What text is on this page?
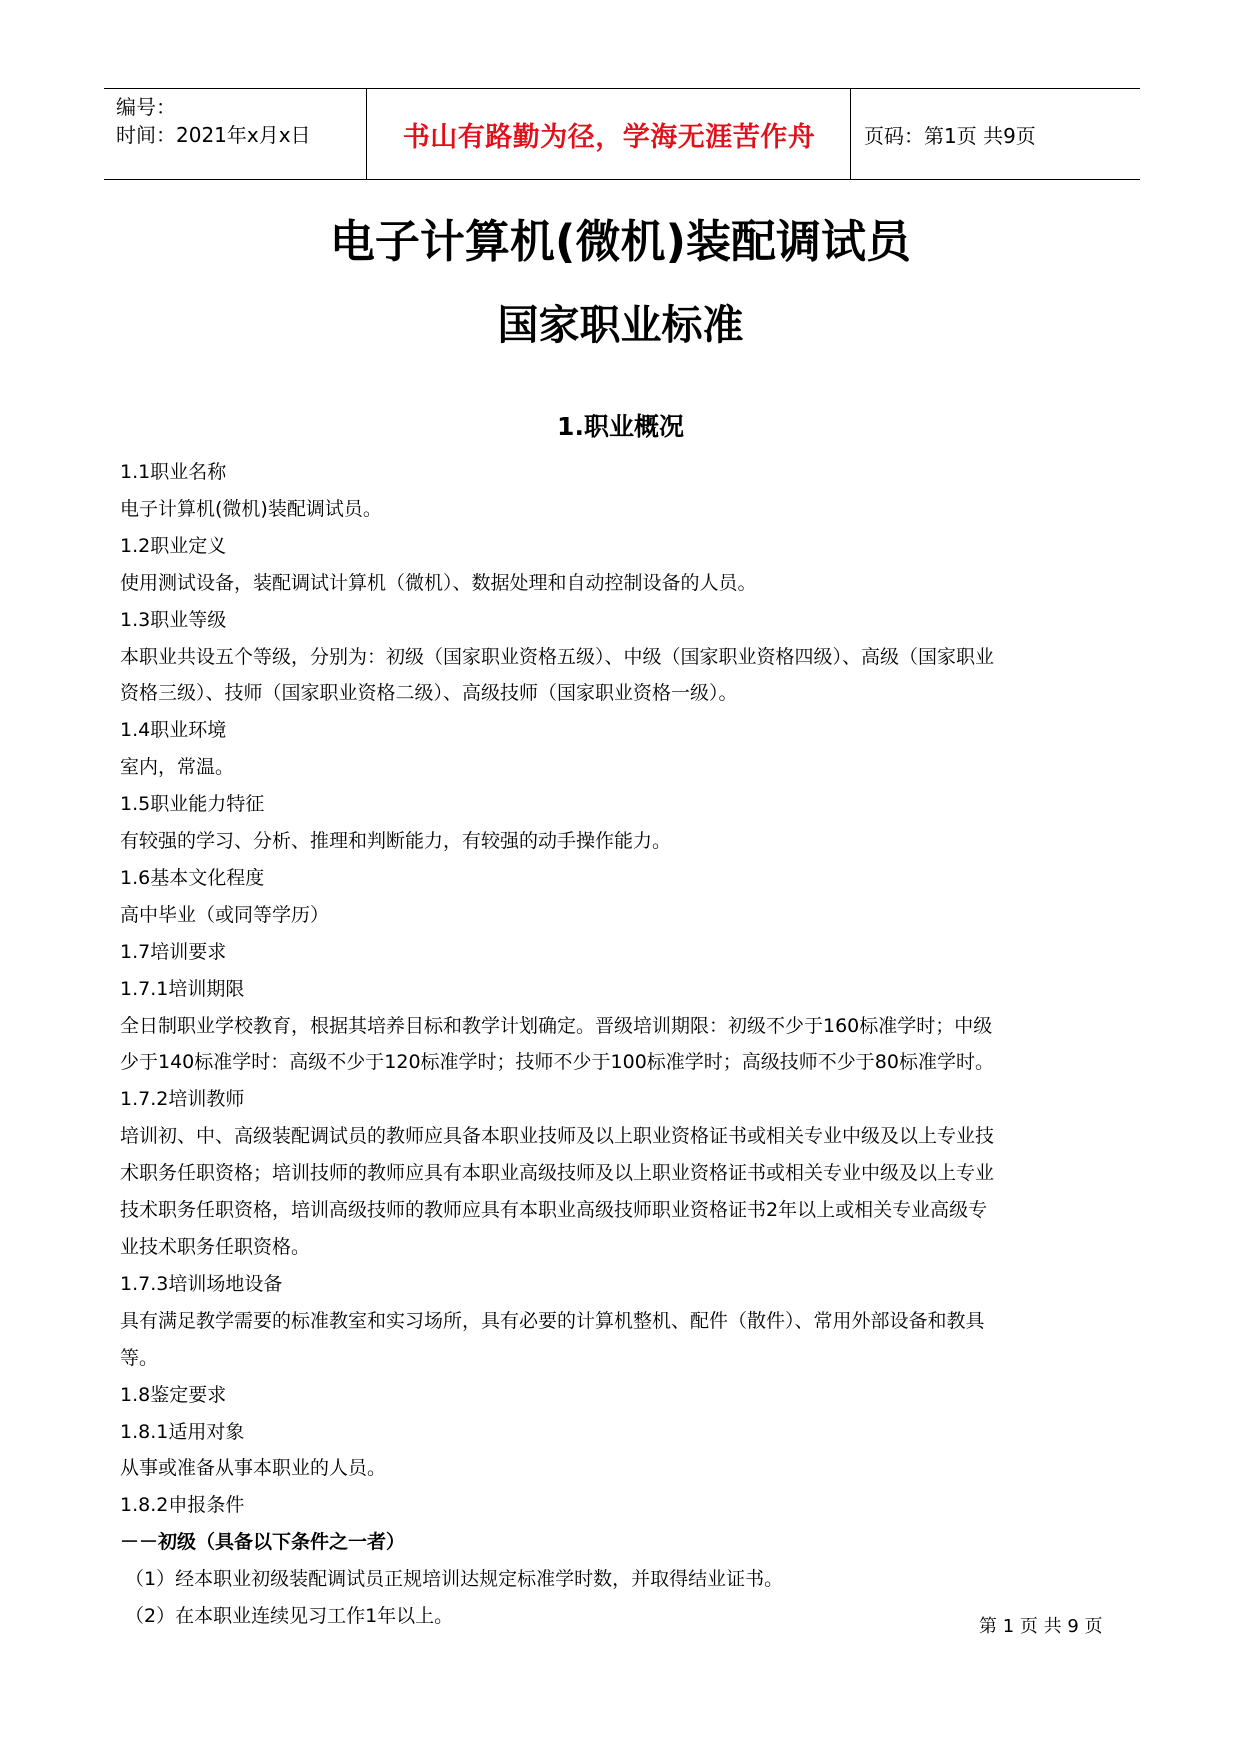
编号：
时间：2021年x月x日	书山有路勤为径，学海无涯苦作舟	页码：第1页 共9页
电子计算机(微机)装配调试员
国家职业标准
1.职业概况
1.1职业名称
电子计算机(微机)装配调试员。
1.2职业定义
使用测试设备，装配调试计算机（微机）、数据处理和自动控制设备的人员。
1.3职业等级
本职业共设五个等级，分别为：初级（国家职业资格五级）、中级（国家职业资格四级）、高级（国家职业
资格三级）、技师（国家职业资格二级）、高级技师（国家职业资格一级）。
1.4职业环境
室内，常温。
1.5职业能力特征
有较强的学习、分析、推理和判断能力，有较强的动手操作能力。
1.6基本文化程度
高中毕业（或同等学历）
1.7培训要求
1.7.1培训期限
全日制职业学校教育，根据其培养目标和教学计划确定。晋级培训期限：初级不少于160标准学时；中级
少于140标准学时：高级不少于120标准学时；技师不少于100标准学时；高级技师不少于80标准学时。
1.7.2培训教师
培训初、中、高级装配调试员的教师应具备本职业技师及以上职业资格证书或相关专业中级及以上专业技
术职务任职资格；培训技师的教师应具有本职业高级技师及以上职业资格证书或相关专业中级及以上专业
技术职务任职资格，培训高级技师的教师应具有本职业高级技师职业资格证书2年以上或相关专业高级专
业技术职务任职资格。
1.7.3培训场地设备
具有满足教学需要的标准教室和实习场所，具有必要的计算机整机、配件（散件）、常用外部设备和教具
等。
1.8鉴定要求
1.8.1适用对象
从事或准备从事本职业的人员。
1.8.2申报条件
－－初级（具备以下条件之一者）
（1）经本职业初级装配调试员正规培训达规定标准学时数，并取得结业证书。
（2）在本职业连续见习工作1年以上。	第 1 页 共 9 页
